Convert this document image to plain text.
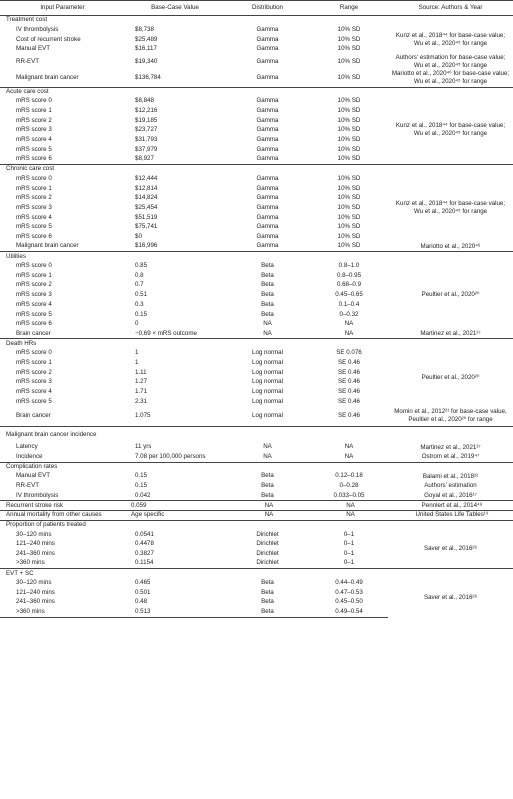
Input Parameter	Base-Case Value	Distribution	Range	Source: Authors & Year
Treatment cost				
IV thrombolysis	$8,738	Gamma	10% SD	Kunz et al., 2018⁴⁴ for base-case value; Wu et al., 2020⁴⁵ for range
Cost of recurrent stroke	$25,489	Gamma	10% SD	
Manual EVT	$16,117	Gamma	10% SD	
RR-EVT	$19,340	Gamma	10% SD	Authors' estimation for base-case value; Wu et al., 2020⁴⁵ for range
Malignant brain cancer	$136,784	Gamma	10% SD	Mariotto et al., 2020⁴⁶ for base-case value; Wu et al., 2020⁴⁵ for range
Acute care cost				
mRS score 0	$8,848	Gamma	10% SD	Kunz et al., 2018⁴⁴ for base-case value; Wu et al., 2020⁴⁵ for range
mRS score 1	$12,216	Gamma	10% SD	
mRS score 2	$19,185	Gamma	10% SD	
mRS score 3	$23,727	Gamma	10% SD	
mRS score 4	$31,793	Gamma	10% SD	
mRS score 5	$37,979	Gamma	10% SD	
mRS score 6	$8,927	Gamma	10% SD	
Chronic care cost				
mRS score 0	$12,444	Gamma	10% SD	Kunz et al., 2018⁴⁴ for base-case value; Wu et al., 2020⁴⁵ for range
mRS score 1	$12,814	Gamma	10% SD	
mRS score 2	$14,824	Gamma	10% SD	
mRS score 3	$25,454	Gamma	10% SD	
mRS score 4	$51,519	Gamma	10% SD	
mRS score 5	$75,741	Gamma	10% SD	
mRS score 6	$0	Gamma	10% SD	
Malignant brain cancer	$16,996	Gamma	10% SD	Mariotto et al., 2020⁴⁶
Utilities				
mRS score 0	0.85	Beta	0.8–1.0	Peultier et al., 2020²⁰
mRS score 1	0.8	Beta	0.8–0.95	
mRS score 2	0.7	Beta	0.68–0.9	
mRS score 3	0.51	Beta	0.45–0.65	
mRS score 4	0.3	Beta	0.1–0.4	
mRS score 5	0.15	Beta	0–0.32	
mRS score 6	0	NA	NA	
Brain cancer	−0.69 × mRS outcome	NA	NA	Martinez et al., 2021²⁷
Death HRs				
mRS score 0	1	Log normal	SE 0.076	Peultier et al., 2020²⁰
mRS score 1	1	Log normal	SE 0.46	
mRS score 2	1.11	Log normal	SE 0.46	
mRS score 3	1.27	Log normal	SE 0.46	
mRS score 4	1.71	Log normal	SE 0.46	
mRS score 5	2.31	Log normal	SE 0.46	
Brain cancer	1.075	Log normal	SE 0.46	Momin et al., 2012²¹ for base-case value, Peultier et al., 2020²⁰ for range
Malignant brain cancer incidence				
Latency	11 yrs	NA	NA	Martinez et al., 2021²⁷
Incidence	7.08 per 100,000 persons	NA	NA	Ostrom et al., 2019⁴⁷
Complication rates				
Manual EVT	0.15	Beta	0.12–0.18	Balami et al., 2018²²
RR-EVT	0.15	Beta	0–0.28	Authors' estimation
IV thrombolysis	0.042	Beta	0.033–0.05	Goyal et al., 2016¹⁷
Recurrent stroke risk	0.059	NA	NA	Pennlert et al., 2014⁴⁸
Annual mortality from other causes	Age specific	NA	NA	United States Life Tables¹⁹
Proportion of patients treated				
30–120 mins	0.0541	Dirichlet	0–1	Saver et al., 2016²⁶
121–240 mins	0.4478	Dirichlet	0–1	
241–360 mins	0.3827	Dirichlet	0–1	
>360 mins	0.1154	Dirichlet	0–1	
EVT + SC				
30–120 mins	0.465	Beta	0.44–0.49	Saver et al., 2016²⁶
121–240 mins	0.501	Beta	0.47–0.53	
241–360 mins	0.48	Beta	0.45–0.50	
>360 mins	0.513	Beta	0.49–0.54	
